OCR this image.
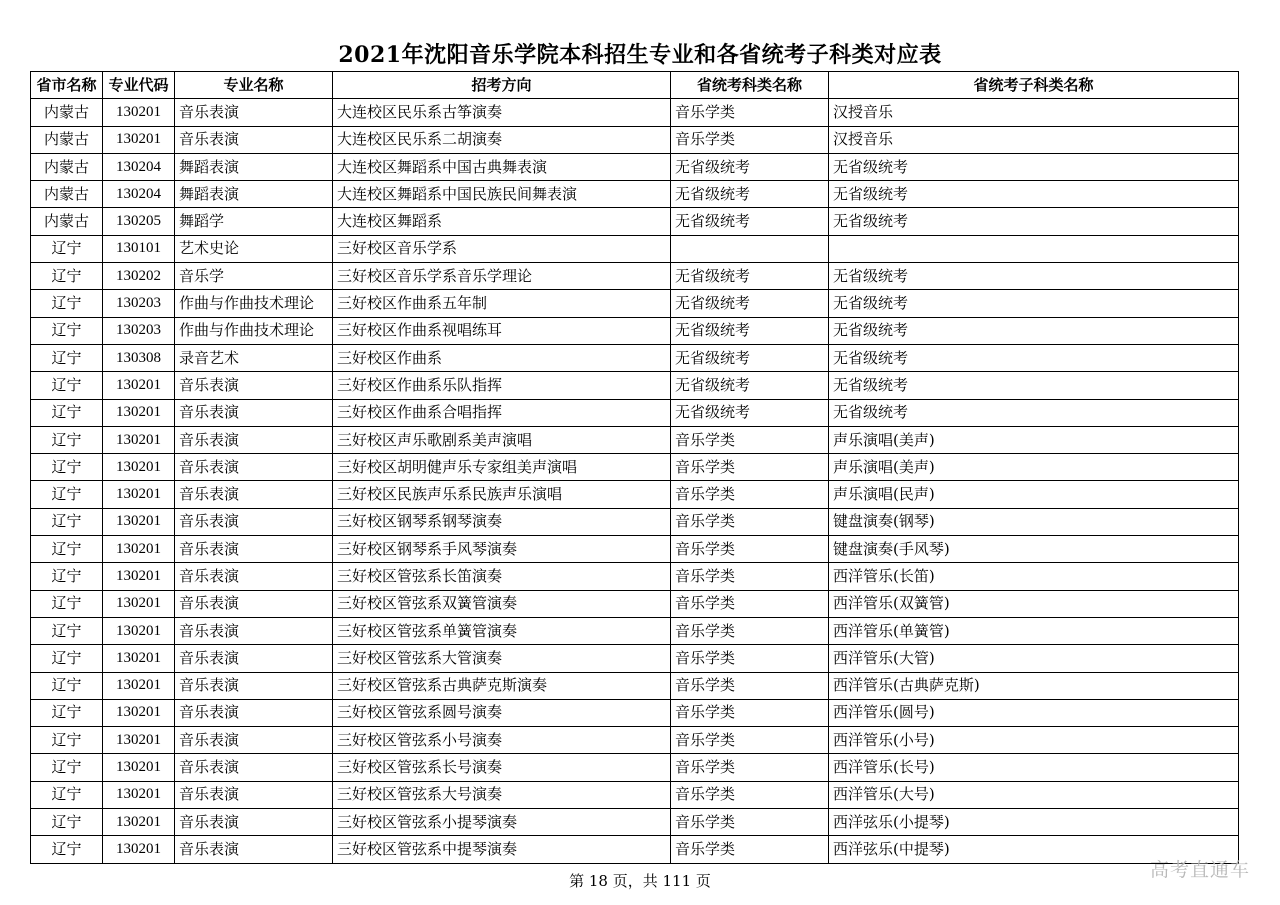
2021年沈阳音乐学院本科招生专业和各省统考子科类对应表
省市名称	专业代码	专业名称	招考方向	省统考科类名称	省统考子科类名称
内蒙古	130201	音乐表演	大连校区民乐系古筝演奏	音乐学类	汉授音乐
内蒙古	130201	音乐表演	大连校区民乐系二胡演奏	音乐学类	汉授音乐
内蒙古	130204	舞蹈表演	大连校区舞蹈系中国古典舞表演	无省级统考	无省级统考
内蒙古	130204	舞蹈表演	大连校区舞蹈系中国民族民间舞表演	无省级统考	无省级统考
内蒙古	130205	舞蹈学	大连校区舞蹈系	无省级统考	无省级统考
辽宁	130101	艺术史论	三好校区音乐学系		
辽宁	130202	音乐学	三好校区音乐学系音乐学理论	无省级统考	无省级统考
辽宁	130203	作曲与作曲技术理论	三好校区作曲系五年制	无省级统考	无省级统考
辽宁	130203	作曲与作曲技术理论	三好校区作曲系视唱练耳	无省级统考	无省级统考
辽宁	130308	录音艺术	三好校区作曲系	无省级统考	无省级统考
辽宁	130201	音乐表演	三好校区作曲系乐队指挥	无省级统考	无省级统考
辽宁	130201	音乐表演	三好校区作曲系合唱指挥	无省级统考	无省级统考
辽宁	130201	音乐表演	三好校区声乐歌剧系美声演唱	音乐学类	声乐演唱(美声)
辽宁	130201	音乐表演	三好校区胡明健声乐专家组美声演唱	音乐学类	声乐演唱(美声)
辽宁	130201	音乐表演	三好校区民族声乐系民族声乐演唱	音乐学类	声乐演唱(民声)
辽宁	130201	音乐表演	三好校区钢琴系钢琴演奏	音乐学类	键盘演奏(钢琴)
辽宁	130201	音乐表演	三好校区钢琴系手风琴演奏	音乐学类	键盘演奏(手风琴)
辽宁	130201	音乐表演	三好校区管弦系长笛演奏	音乐学类	西洋管乐(长笛)
辽宁	130201	音乐表演	三好校区管弦系双簧管演奏	音乐学类	西洋管乐(双簧管)
辽宁	130201	音乐表演	三好校区管弦系单簧管演奏	音乐学类	西洋管乐(单簧管)
辽宁	130201	音乐表演	三好校区管弦系大管演奏	音乐学类	西洋管乐(大管)
辽宁	130201	音乐表演	三好校区管弦系古典萨克斯演奏	音乐学类	西洋管乐(古典萨克斯)
辽宁	130201	音乐表演	三好校区管弦系圆号演奏	音乐学类	西洋管乐(圆号)
辽宁	130201	音乐表演	三好校区管弦系小号演奏	音乐学类	西洋管乐(小号)
辽宁	130201	音乐表演	三好校区管弦系长号演奏	音乐学类	西洋管乐(长号)
辽宁	130201	音乐表演	三好校区管弦系大号演奏	音乐学类	西洋管乐(大号)
辽宁	130201	音乐表演	三好校区管弦系小提琴演奏	音乐学类	西洋弦乐(小提琴)
辽宁	130201	音乐表演	三好校区管弦系中提琴演奏	音乐学类	西洋弦乐(中提琴)
第 18 页，共 111 页	高考直通车
